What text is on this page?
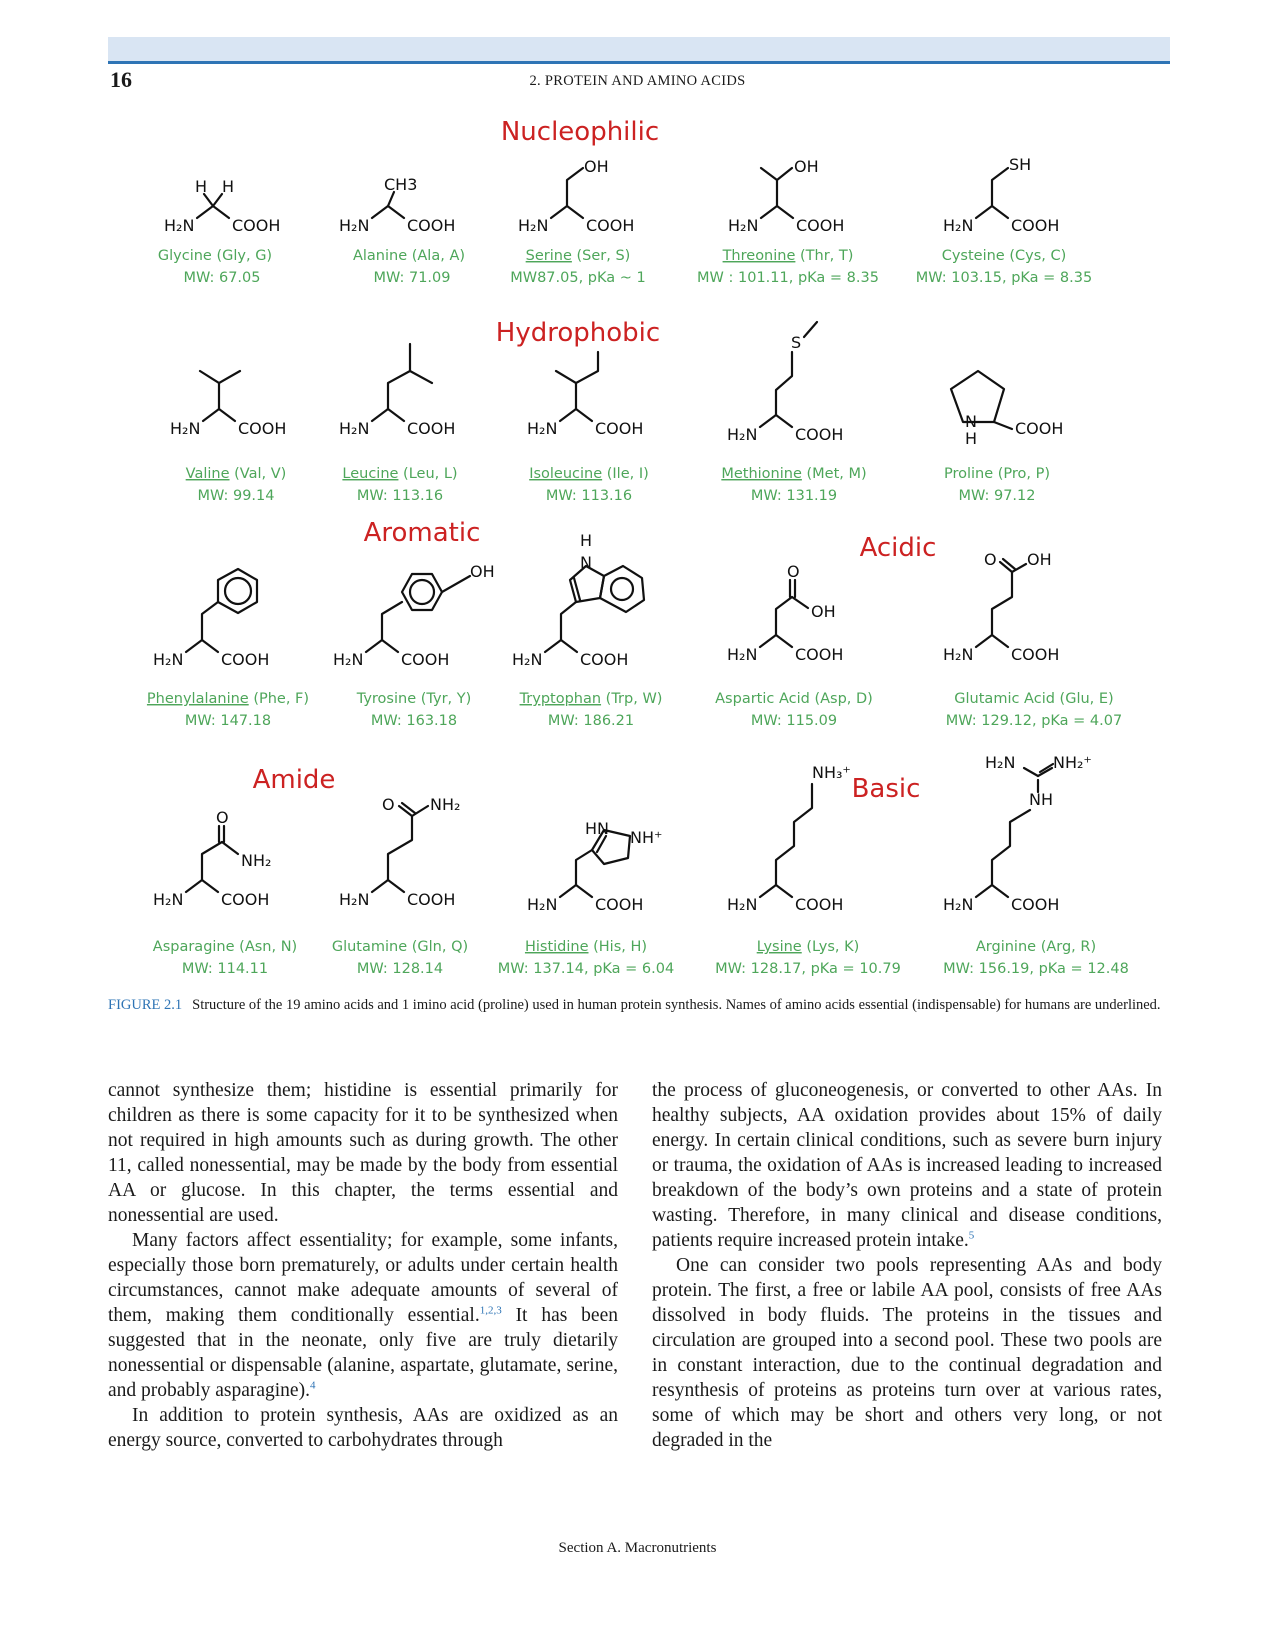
16	2. PROTEIN AND AMINO ACIDS
Nucleophilic
Hydrophobic
Aromatic	Acidic
Amide	Basic
H₂N COOH
H H
H₂N COOH
CH3
H₂N COOH
OH
H₂N COOH
OH
H₂N COOH
SH
H₂N COOH	H₂N COOH	H₂N COOH	H₂N COOH
S
N
H
COOH
H₂N COOH	H₂N COOH
OH
H₂N COOH
N
H
H₂N COOH
O
OH
H₂N COOH
O OH
H₂N COOH
O
NH₂
H₂N COOH
O NH₂
H₂N COOH
HN NH⁺
H₂N COOH
NH₃⁺
H₂N COOH
NH
H₂N NH₂⁺
Glycine (Gly, G)
MW: 67.05
Alanine (Ala, A)
MW: 71.09
Serine (Ser, S)
MW87.05, pKa ~ 1
Threonine (Thr, T)
MW : 101.11, pKa = 8.35
Cysteine (Cys, C)
MW: 103.15, pKa = 8.35
Valine (Val, V)
MW: 99.14
Leucine (Leu, L)
MW: 113.16
Isoleucine (Ile, I)
MW: 113.16
Methionine (Met, M)
MW: 131.19
Proline (Pro, P)
MW: 97.12
Phenylalanine (Phe, F)
MW: 147.18
Tyrosine (Tyr, Y)
MW: 163.18
Tryptophan (Trp, W)
MW: 186.21
Aspartic Acid (Asp, D)
MW: 115.09
Glutamic Acid (Glu, E)
MW: 129.12, pKa = 4.07
Asparagine (Asn, N)
MW: 114.11
Glutamine (Gln, Q)
MW: 128.14
Histidine (His, H)
MW: 137.14, pKa = 6.04
Lysine (Lys, K)
MW: 128.17, pKa = 10.79
Arginine (Arg, R)
MW: 156.19, pKa = 12.48
FIGURE 2.1 Structure of the 19 amino acids and 1 imino acid (proline) used in human protein synthesis. Names of amino acids essential (indispensable) for humans are underlined.

cannot synthesize them; histidine is essential primarily for children as there is some capacity for it to be synthesized when not required in high amounts such as during growth. The other 11, called nonessential, may be made by the body from essential AA or glucose. In this chapter, the terms essential and nonessential are used.

Many factors affect essentiality; for example, some infants, especially those born prematurely, or adults under certain health circumstances, cannot make adequate amounts of several of them, making them conditionally essential.$^{1,2,3}$ It has been suggested that in the neonate, only five are truly dietarily nonessential or dispensable (alanine, aspartate, glutamate, serine, and probably asparagine).$^4$

In addition to protein synthesis, AAs are oxidized as an energy source, converted to carbohydrates through

the process of gluconeogenesis, or converted to other AAs. In healthy subjects, AA oxidation provides about 15% of daily energy. In certain clinical conditions, such as severe burn injury or trauma, the oxidation of AAs is increased leading to increased breakdown of the body’s own proteins and a state of protein wasting. Therefore, in many clinical and disease conditions, patients require increased protein intake.$^5$

One can consider two pools representing AAs and body protein. The first, a free or labile AA pool, consists of free AAs dissolved in body fluids. The proteins in the tissues and circulation are grouped into a second pool. These two pools are in constant interaction, due to the continual degradation and resynthesis of proteins as proteins turn over at various rates, some of which may be short and others very long, or not degraded in the

Section A. Macronutrients
